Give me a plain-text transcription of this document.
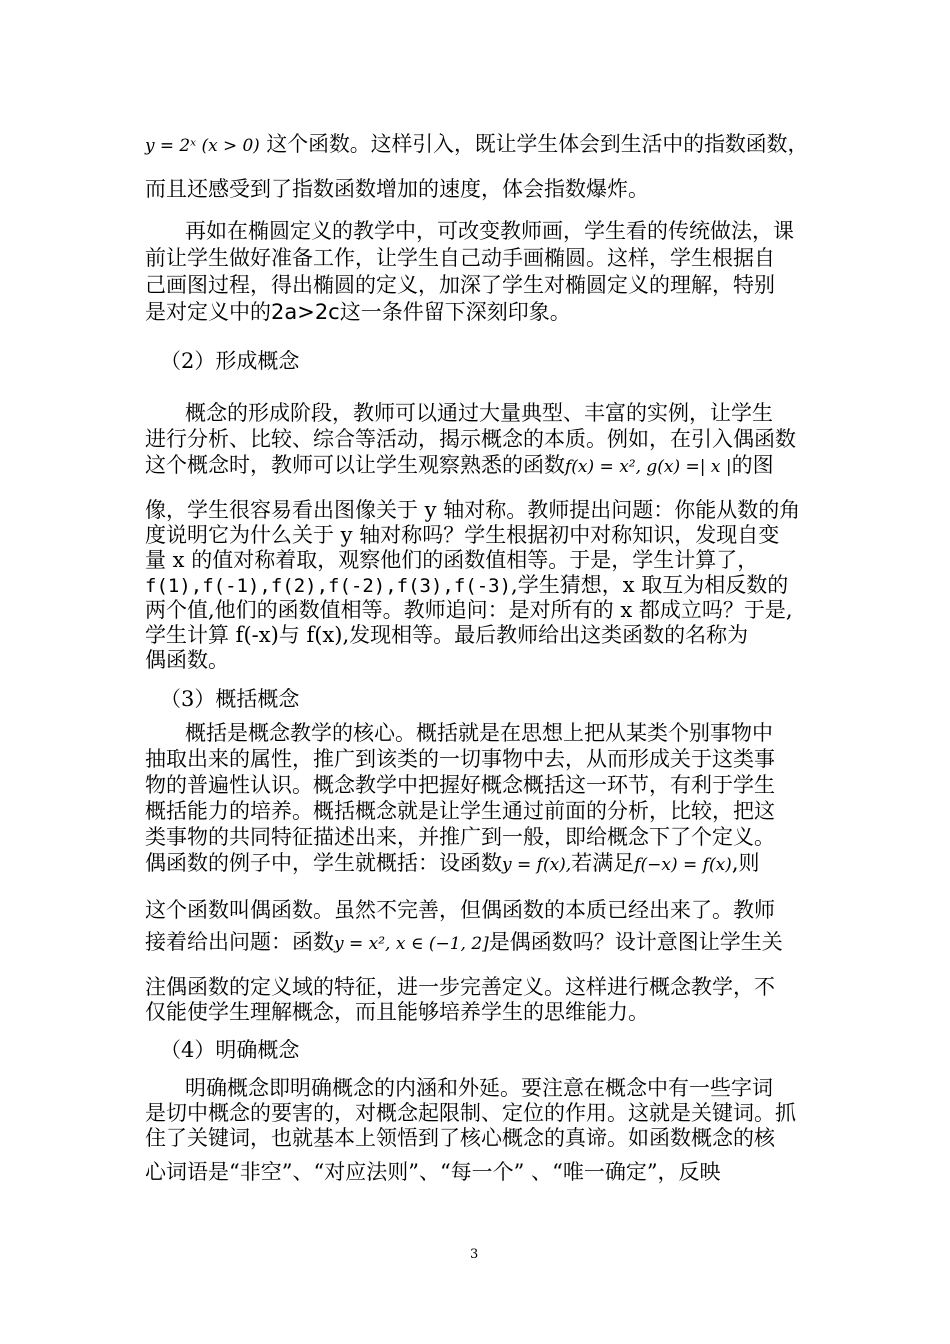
y = 2ˣ (x > 0) 这个函数。这样引入，既让学生体会到生活中的指数函数，
而且还感受到了指数函数增加的速度，体会指数爆炸。
再如在椭圆定义的教学中，可改变教师画，学生看的传统做法，课
前让学生做好准备工作，让学生自己动手画椭圆。这样，学生根据自
己画图过程，得出椭圆的定义，加深了学生对椭圆定义的理解，特别
是对定义中的2a>2c这一条件留下深刻印象。
（2）形成概念
概念的形成阶段，教师可以通过大量典型、丰富的实例，让学生
进行分析、比较、综合等活动，揭示概念的本质。例如，在引入偶函数
这个概念时，教师可以让学生观察熟悉的函数f(x) = x², g(x) =| x |的图
像，学生很容易看出图像关于 y 轴对称。教师提出问题：你能从数的角
度说明它为什么关于 y 轴对称吗？学生根据初中对称知识，发现自变
量 x 的值对称着取，观察他们的函数值相等。于是，学生计算了，
f(1),f(-1),f(2),f(-2),f(3),f(-3),学生猜想，x 取互为相反数的
两个值,他们的函数值相等。教师追问：是对所有的 x 都成立吗？于是,
学生计算 f(-x)与 f(x),发现相等。最后教师给出这类函数的名称为
偶函数。
（3）概括概念
概括是概念教学的核心。概括就是在思想上把从某类个别事物中
抽取出来的属性，推广到该类的一切事物中去，从而形成关于这类事
物的普遍性认识。概念教学中把握好概念概括这一环节，有利于学生
概括能力的培养。概括概念就是让学生通过前面的分析，比较，把这
类事物的共同特征描述出来，并推广到一般，即给概念下了个定义。
偶函数的例子中，学生就概括：设函数y = f(x),若满足f(−x) = f(x),则
这个函数叫偶函数。虽然不完善，但偶函数的本质已经出来了。教师
接着给出问题：函数y = x², x ∈ (−1, 2]是偶函数吗？设计意图让学生关
注偶函数的定义域的特征，进一步完善定义。这样进行概念教学，不
仅能使学生理解概念，而且能够培养学生的思维能力。
（4）明确概念
明确概念即明确概念的内涵和外延。要注意在概念中有一些字词
是切中概念的要害的，对概念起限制、定位的作用。这就是关键词。抓
住了关键词，也就基本上领悟到了核心概念的真谛。如函数概念的核
心词语是“非空”、“对应法则”、“每一个” 、“唯一确定”，反映
3
